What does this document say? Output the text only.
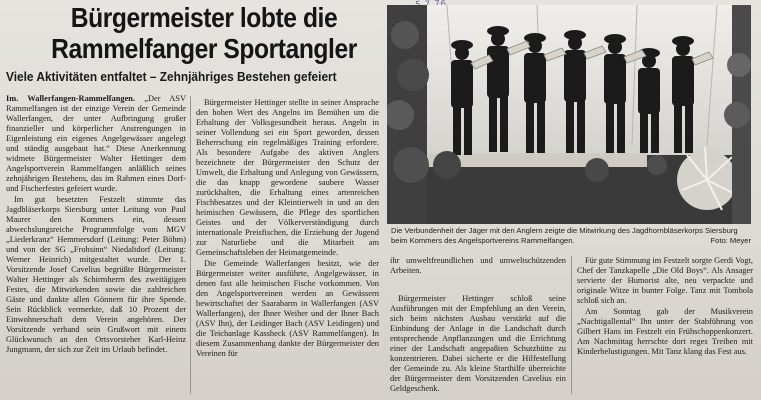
Bürgermeister lobte die
Rammelfanger Sportangler
Viele Aktivitäten entfaltet – Zehnjähriges Bestehen gefeiert

Im. Wallerfangen-Rammelfangen. „Der ASV Rammelfangen ist der einzige Verein der Gemeinde Wallerfangen, der unter Aufbringung großer finanzieller und körperlicher Anstrengungen in Eigenleistung ein eigenes Angelgewässer angelegt und ständig ausgebaut hat.“ Diese Anerkennung widmete Bürgermeister Walter Hettinger dem Angelsportverein Rammelfangen anläßlich seines zehnjährigen Bestehens, das im Rahmen eines Dorf- und Fischerfestes gefeiert wurde.

Im gut besetzten Festzelt stimmte das Jagdbläserkorps Siersburg unter Leitung von Paul Maurer den Kommers ein, dessen abwechslungsreiche Programmfolge vom MGV „Liederkranz“ Hemmersdorf (Leitung: Peter Böhm) und von der SG „Frohsinn“ Niedaltdorf (Leitung: Werner Heinrich) mitgestaltet wurde. Der 1. Vorsitzende Josef Cavelius begrüßte Bürgermeister Walter Hettinger als Schirmherrn des zweitägigen Festes, die Mitwirkenden sowie die zahlreichen Gäste und dankte allen Gönnern für ihre Spende. Sein Rückblick vermerkte, daß 10 Prozent der Einwohnerschaft dem Verein angehören. Der Vorsitzende verband sein Grußwort mit einem Glückwunsch an den Ortsvorsteher Karl-Heinz Jungmann, der sich zur Zeit im Urlaub befindet.

Bürgermeister Hettinger stellte in seiner Ansprache den hohen Wert des Angelns im Bemühen um die Erhaltung der Volksgesundheit heraus. Angeln in seiner Vollendung sei ein Sport geworden, dessen Beherrschung ein regelmäßiges Training erfordere. Als besondere Aufgabe des aktiven Anglers bezeichnete der Bürgermeister den Schutz der Umwelt, die Erhaltung und Anlegung von Gewässern, die das knapp gewordene saubere Wasser zurückhalten, die Erhaltung eines artenreichen Fischbesatzes und der Kleintierwelt in und an den heimischen Gewässern, die Pflege des sportlichen Geistes und der Völkerverständigung durch internationale Preisfischen, die Erziehung der Jugend zur Naturliebe und die Mitarbeit am Gemeinschaftsleben der Heimatgemeinde.

Die Gemeinde Wallerfangen besitzt, wie der Bürgermeister weiter ausführte, Angelgewässer, in denen fast alle heimischen Fische vorkommen. Von den Angelsportvereinen werden an Gewässern bewirtschaftet der Saarabarm in Wallerfangen (ASV Wallerfangen), der Ihner Weiher und der Ihner Bach (ASV Ihn), der Leidinger Bach (ASV Leidingen) und die Teichanlage Kassheck (ASV Rammelfangen). In diesem Zusammenhang dankte der Bürgermeister den Vereinen für

Die Verbundenheit der Jäger mit den Anglern zeigte die Mitwirkung des Jagdhornbläserkorps Siersburg beim Kommers des Angelsportvereins Rammelfangen.	Foto: Meyer

ihr umweltfreundlichen und umweltschützenden Arbeiten.

Bürgermeister Hettinger schloß seine Ausführungen mit der Empfehlung an den Verein, sich beim nächsten Ausbau verstärkt auf die Einbindung der Anlage in die Landschaft durch entsprechende Anpflanzungen und die Errichtung einer der Landschaft angepaßten Schutzhütte zu konzentrieren. Dabei sicherte er die Hilfestellung der Gemeinde zu. Als kleine Starthilfe überreichte der Bürgermeister dem Vorsitzenden Cavelius ein Geldgeschenk.

Für gute Stimmung im Festzelt sorgte Gerdi Vogt, Chef der Tanzkapelle „Die Old Boys“. Als Ansager servierte der Humorist alte, neu verpackte und originale Witze in bunter Folge. Tanz mit Tombola schloß sich an.

Am Sonntag gab der Musikverein „Nachtigallental“ Ihn unter der Stabführung von Gilbert Hans im Festzelt ein Frühschoppenkonzert. Am Nachmittag herrschte dort reges Treiben mit Kinderbelustigungen. Mit Tanz klang das Fest aus.
